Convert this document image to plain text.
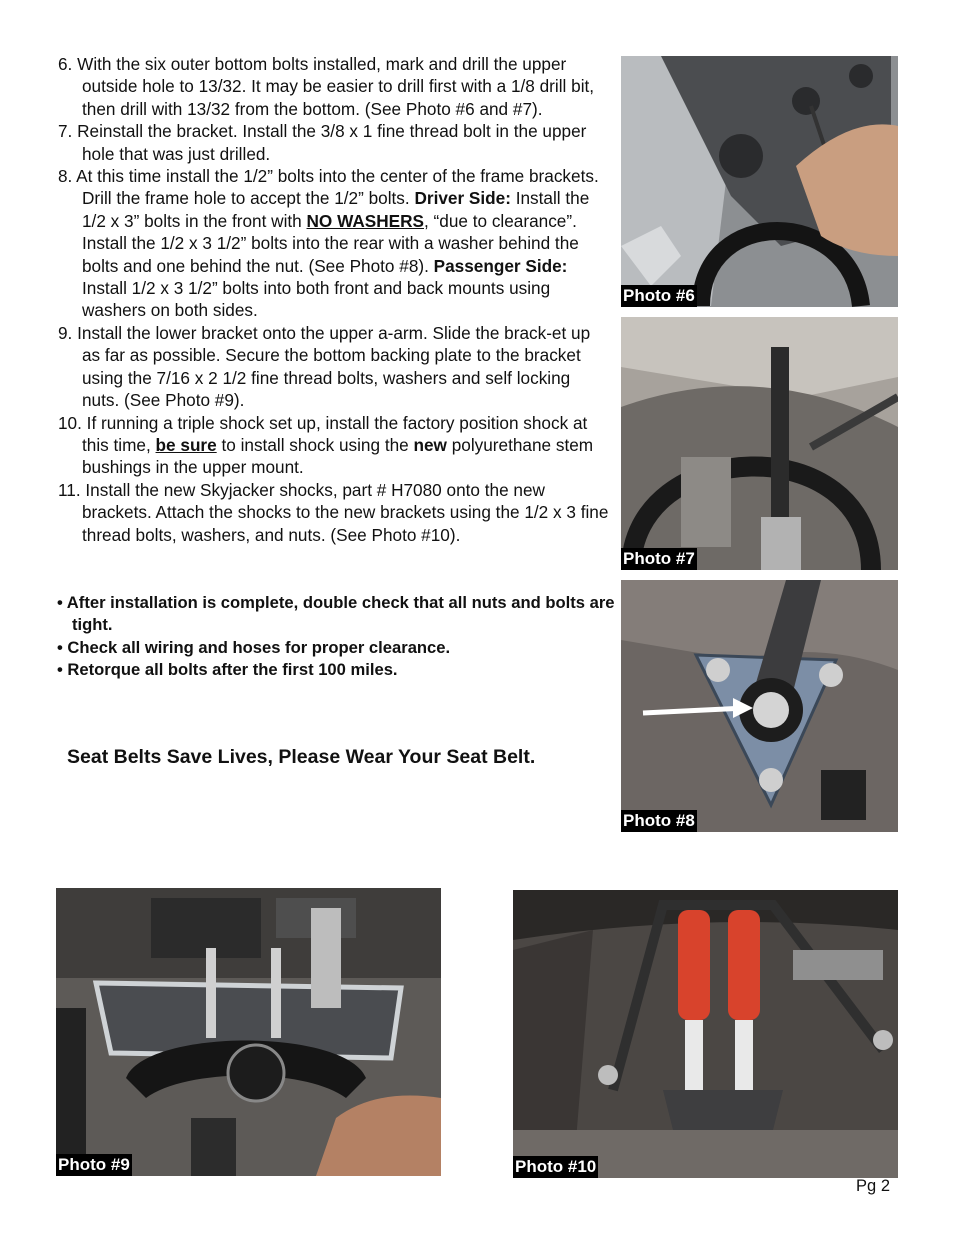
6. With the six outer bottom bolts installed, mark and drill the upper outside hole to 13/32. It may be easier to drill first with a 1/8 drill bit, then drill with 13/32 from the bottom. (See Photo #6 and #7).
7. Reinstall the bracket. Install the 3/8 x 1 fine thread bolt in the upper hole that was just drilled.
8. At this time install the 1/2” bolts into the center of the frame brackets. Drill the frame hole to accept the 1/2” bolts. Driver Side: Install the 1/2 x 3” bolts in the front with NO WASHERS, “due to clearance”. Install the 1/2 x 3 1/2” bolts into the rear with a washer behind the bolts and one behind the nut. (See Photo #8). Passenger Side: Install 1/2 x 3 1/2” bolts into both front and back mounts using washers on both sides.
9. Install the lower bracket onto the upper a-arm. Slide the brack-et up as far as possible. Secure the bottom backing plate to the bracket using the 7/16 x 2 1/2 fine thread bolts, washers and self locking nuts. (See Photo #9).
10. If running a triple shock set up, install the factory position shock at this time, be sure to install shock using the new polyurethane stem bushings in the upper mount.
11. Install the new Skyjacker shocks, part # H7080 onto the new brackets. Attach the shocks to the new brackets using the 1/2 x 3 fine thread bolts, washers, and nuts. (See Photo #10).
• After installation is complete, double check that all nuts and bolts are tight.
• Check all wiring and hoses for proper clearance.
• Retorque all bolts after the first 100 miles.

Seat Belts Save Lives, Please Wear Your Seat Belt.

Photo #6
Photo #7
Photo #8
Photo #9	Photo #10
Pg 2
